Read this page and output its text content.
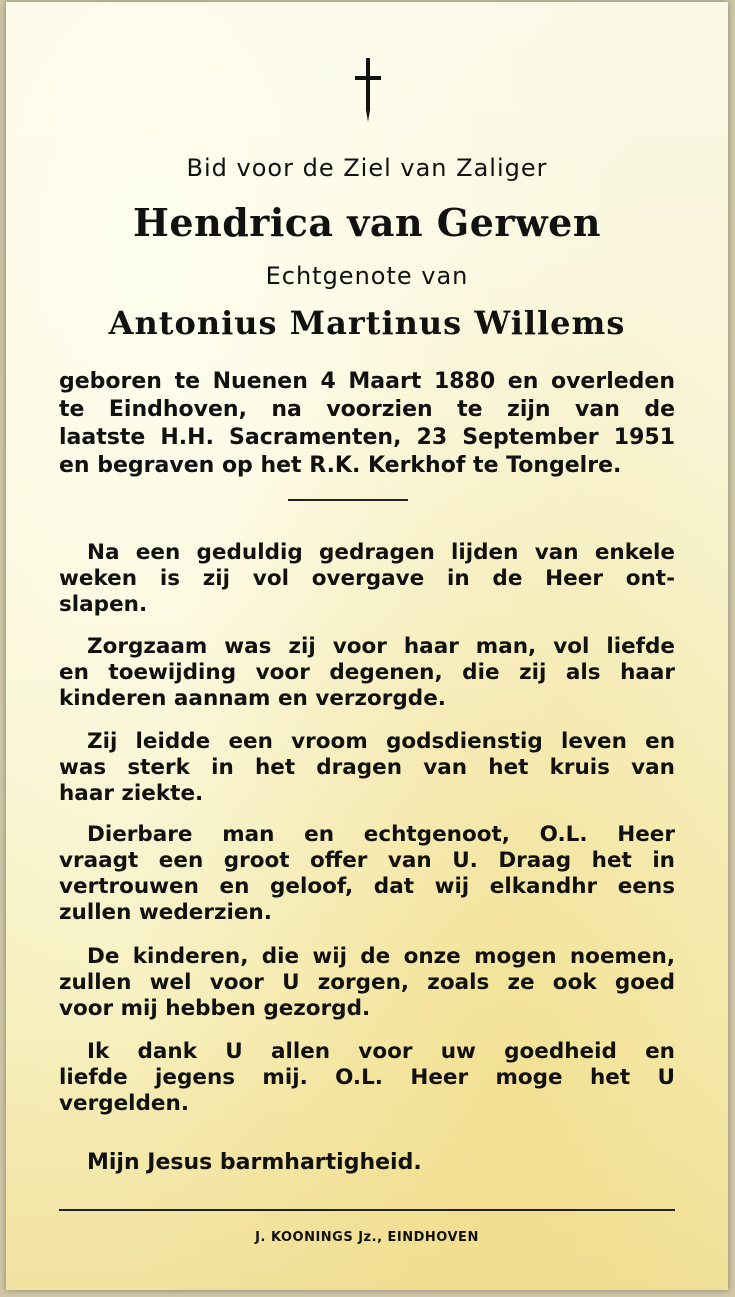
Bid voor de Ziel van Zaliger
Hendrica van Gerwen
Echtgenote van
Antonius Martinus Willems
geboren te Nuenen 4 Maart 1880 en overleden
te Eindhoven, na voorzien te zijn van de
laatste H.H. Sacramenten, 23 September 1951
en begraven op het R.K. Kerkhof te Tongelre.
Na een geduldig gedragen lijden van enkele
weken is zij vol overgave in de Heer ont-
slapen.
Zorgzaam was zij voor haar man, vol liefde
en toewijding voor degenen, die zij als haar
kinderen aannam en verzorgde.
Zij leidde een vroom godsdienstig leven en
was sterk in het dragen van het kruis van
haar ziekte.
Dierbare man en echtgenoot, O.L. Heer
vraagt een groot offer van U. Draag het in
vertrouwen en geloof, dat wij elkandhr eens
zullen wederzien.
De kinderen, die wij de onze mogen noemen,
zullen wel voor U zorgen, zoals ze ook goed
voor mij hebben gezorgd.
Ik dank U allen voor uw goedheid en
liefde jegens mij. O.L. Heer moge het U
vergelden.
Mijn Jesus barmhartigheid.
J. KOONINGS Jz., EINDHOVEN
